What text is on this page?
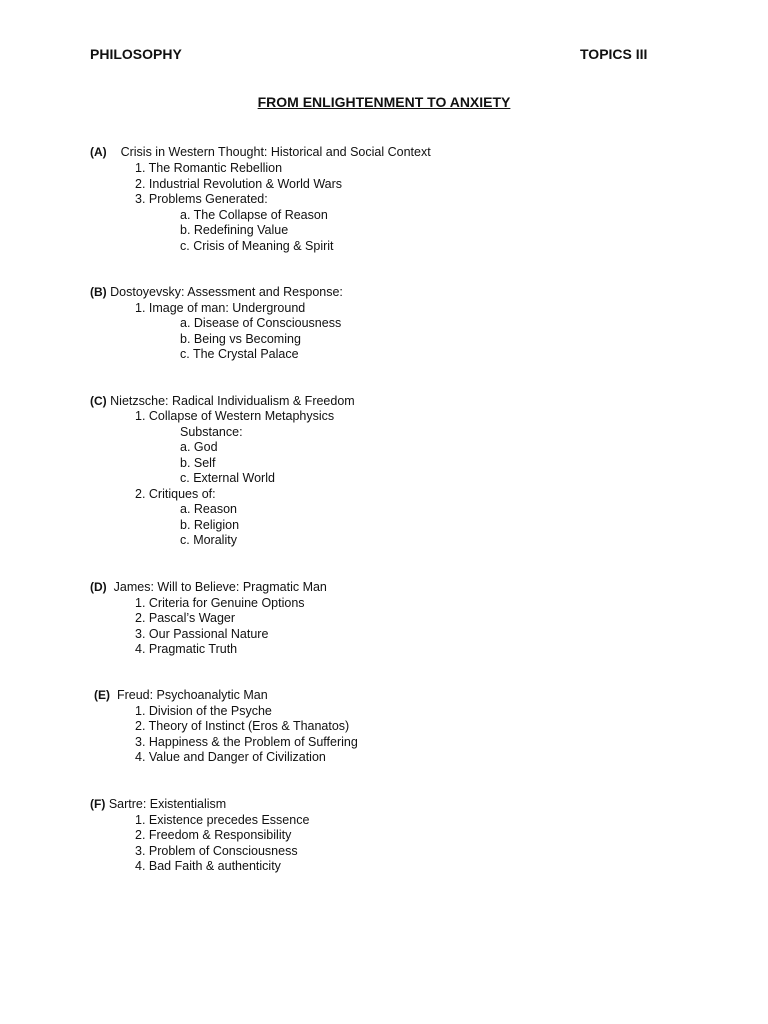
PHILOSOPHY	TOPICS III
FROM ENLIGHTENMENT TO ANXIETY
(A) Crisis in Western Thought: Historical and Social Context
1. The Romantic Rebellion
2. Industrial Revolution & World Wars
3. Problems Generated:
a. The Collapse of Reason
b. Redefining Value
c. Crisis of Meaning & Spirit
(B) Dostoyevsky: Assessment and Response:
1. Image of man: Underground
a. Disease of Consciousness
b. Being vs Becoming
c. The Crystal Palace
(C) Nietzsche: Radical Individualism & Freedom
1. Collapse of Western Metaphysics
Substance:
a. God
b. Self
c. External World
2. Critiques of:
a. Reason
b. Religion
c. Morality
(D) James: Will to Believe: Pragmatic Man
1. Criteria for Genuine Options
2. Pascal’s Wager
3. Our Passional Nature
4. Pragmatic Truth
(E) Freud: Psychoanalytic Man
1. Division of the Psyche
2. Theory of Instinct (Eros & Thanatos)
3. Happiness & the Problem of Suffering
4. Value and Danger of Civilization
(F) Sartre: Existentialism
1. Existence precedes Essence
2. Freedom & Responsibility
3. Problem of Consciousness
4. Bad Faith & authenticity
